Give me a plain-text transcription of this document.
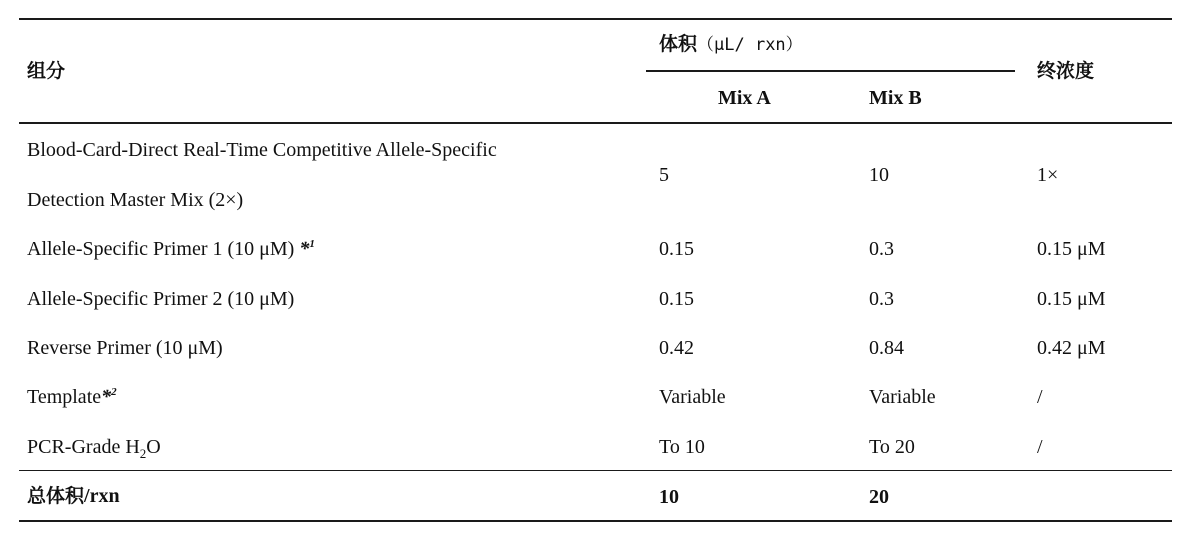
组分
体积（μL/ rxn）
Mix A	Mix B
终浓度
Blood-Card-Direct Real-Time Competitive Allele-Specific
Detection Master Mix (2×)
5	10	1×
Allele-Specific Primer 1 (10 μM) *$^1$	0.15	0.3	0.15 μM
Allele-Specific Primer 2 (10 μM)	0.15	0.3	0.15 μM
Reverse Primer (10 μM)	0.42	0.84	0.42 μM
Template*$^2$	Variable	Variable	/
PCR-Grade $H_2O$	To 10	To 20	/
总体积/rxn	10	20
